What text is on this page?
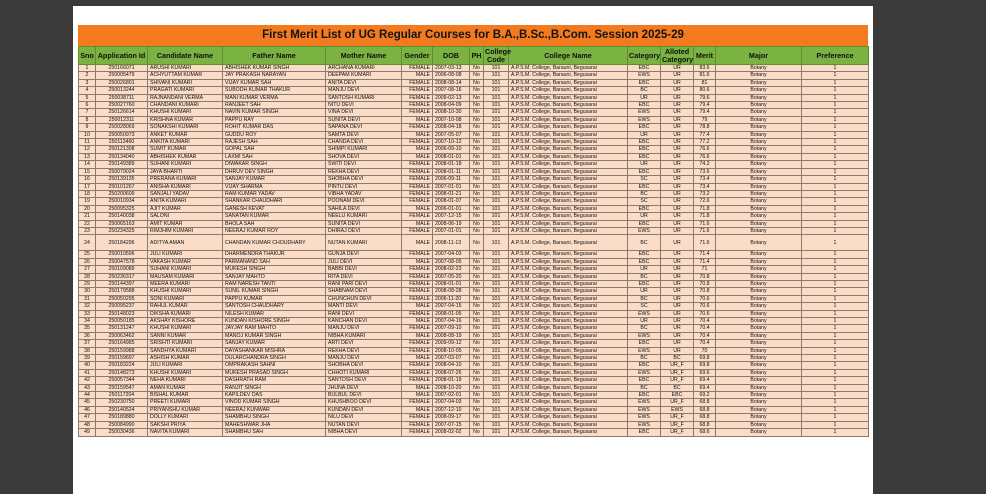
First Merit List of UG Regular Courses for B.A.,B.Sc.,B.Com. Session 2025-29
Sno	Application Id	Candidate Name	Father Name	Mother Name	Gender	DOB	PH	College Code	College Name	Category	Alloted Category	Merit	Major	Preference
1	250166071	ARUSHI KUMARI	ABHISHEK KUMAR SINGH	ARCHANA KUMARI	FEMALE	2007-03-13	No	101	A.P.S.M. College, Barauni, Begusarai	EBC	UR	83.6	Botany	1
2	250005479	ACHYUTTAM KUMAR	JAY PRAKASH NARAYAN	DEEPAM KUMARI	MALE	2006-08-08	No	101	A.P.S.M. College, Barauni, Begusarai	EWS	UR	81.6	Botany	1
3	250026801	SHIVANI KUMARI	VIJAY KUMAR SAH	ANITA DEVI	FEMALE	2008-08-14	No	101	A.P.S.M. College, Barauni, Begusarai	EBC	UR	81	Botany	1
4	250013244	PRAGATI KUMARI	SUBODH KUMAR THAKUR	MANJU DEVI	FEMALE	2007-08-16	No	101	A.P.S.M. College, Barauni, Begusarai	BC	UR	80.6	Botany	1
5	250038711	RAJNANDANI VERMA	MANI KUMAR VERMA	SANTOSH KUMARI	FEMALE	2009-02-13	No	101	A.P.S.M. College, Barauni, Begusarai	UR	UR	79.6	Botany	1
6	250027760	CHANDANI KUMARI	RANJEET SAH	NITU DEVI	FEMALE	2008-04-09	No	101	A.P.S.M. College, Barauni, Begusarai	EBC	UR	79.4	Botany	1
7	250126614	KHUSHI KUMARI	NAVIN KUMAR SINGH	VINA DEVI	FEMALE	2008-10-30	No	101	A.P.S.M. College, Barauni, Begusarai	EWS	UR	79.4	Botany	1
8	250012311	KRISHNA KUMAR	PAPPU RAY	SUNITA DEVI	MALE	2007-10-08	No	101	A.P.S.M. College, Barauni, Begusarai	EWS	UR	79	Botany	1
9	250028069	SONAKSHI KUMARI	ROHIT KUMAR DAS	SAPANA DEVI	FEMALE	2008-04-18	No	101	A.P.S.M. College, Barauni, Begusarai	EBC	UR	78.8	Botany	1
10	250050973	ANKET KUMAR	GUDDU ROY	SAMTA DEVI	MALE	2007-05-07	No	101	A.P.S.M. College, Barauni, Begusarai	UR	UR	77.4	Botany	1
11	250113460	ANKITA KUMARI	RAJESH SAH	CHANDA DEVI	FEMALE	2007-10-12	No	101	A.P.S.M. College, Barauni, Begusarai	EBC	UR	77.2	Botany	1
12	250121308	SUMIT KUMAR	GOPAL SAH	SHIMPI KUMARI	MALE	2006-09-10	No	101	A.P.S.M. College, Barauni, Begusarai	EBC	UR	76.6	Botany	1
13	250134040	ABHISHEK KUMAR	LAXMI SAH	SHOVA DEVI	MALE	2008-01-01	No	101	A.P.S.M. College, Barauni, Begusarai	EBC	UR	76.6	Botany	1
14	250149389	SUHANI KUMARI	DIWAKAR SINGH	SWITI DEVI	FEMALE	2008-01-18	No	101	A.P.S.M. College, Barauni, Begusarai	UR	UR	74.2	Botany	1
15	250079024	JAYA BHARTI	DHRUV DEV SINGH	REKHA DEVI	FEMALE	2008-01-11	No	101	A.P.S.M. College, Barauni, Begusarai	EBC	UR	73.6	Botany	1
16	250139135	PRERANA KUMARI	SANJAY KUMAR	SHOBHA DEVI	FEMALE	2006-09-11	No	101	A.P.S.M. College, Barauni, Begusarai	SC	UR	73.4	Botany	1
17	250101267	ANISHA KUMARI	VIJAY SHARMA	PINTU DEVI	FEMALE	2007-01-01	No	101	A.P.S.M. College, Barauni, Begusarai	EBC	UR	73.4	Botany	1
18	250200609	SANJALI YADAV	RAM KUMAR YADAV	VIBHA YADAV	FEMALE	2008-01-21	No	101	A.P.S.M. College, Barauni, Begusarai	BC	UR	73.2	Botany	1
19	250010934	ANITA KUMARI	SHANKAR CHAUDHARI	POONAM DEVI	FEMALE	2008-01-07	No	101	A.P.S.M. College, Barauni, Begusarai	SC	UR	72.6	Botany	1
20	250095325	AJIT KUMAR	GANESH KEVAT	SAHILA DEVI	MALE	2006-01-01	No	101	A.P.S.M. College, Barauni, Begusarai	EBC	UR	71.8	Botany	1
21	250140038	SALONI	SANATAN KUMAR	NEELU KUMARI	FEMALE	2007-12-15	No	101	A.P.S.M. College, Barauni, Begusarai	UR	UR	71.8	Botany	1
22	250065163	AMIT KUMAR	BHOLA SAH	SUNITA DEVI	MALE	2008-06-19	No	101	A.P.S.M. College, Barauni, Begusarai	EBC	UR	71.6	Botany	1
23	250234325	RIMJHIM KUMARI	NEERAJ KUMAR ROY	DHIRAJ DEVI	FEMALE	2007-01-01	No	101	A.P.S.M. College, Barauni, Begusarai	EWS	UR	71.6	Botany	1
24	250184296	ADITYA AMAN	CHANDAN KUMAR CHOUDHARY	NUTAN KUMARI	MALE	2008-11-13	No	101	A.P.S.M. College, Barauni, Begusarai	BC	UR	71.6	Botany	1
25	250010596	JULI KUMARI	DHARMENDRA THAKUR	GUNJA DEVI	FEMALE	2007-04-03	No	101	A.P.S.M. College, Barauni, Begusarai	EBC	UR	71.4	Botany	1
26	250047578	VAKASH KUMAR	PARMANAND SAH	JULI DEVI	MALE	2007-08-05	No	101	A.P.S.M. College, Barauni, Begusarai	EBC	UR	71.4	Botany	1
27	250109089	SUHANI KUMARI	MUKESH SINGH	BABBI DEVI	FEMALE	2008-02-23	No	101	A.P.S.M. College, Barauni, Begusarai	UR	UR	71	Botany	1
28	250236317	MAUSAM KUMARI	SANJAY MAHTO	RITA DEVI	FEMALE	2007-05-20	No	101	A.P.S.M. College, Barauni, Begusarai	BC	UR	70.8	Botany	1
29	250144397	MEERA KUMARI	RAM NARESH TANTI	RANI PARI DEVI	FEMALE	2008-01-01	No	101	A.P.S.M. College, Barauni, Begusarai	EBC	UR	70.8	Botany	1
30	250179588	KHUSHI KUMARI	SUNIL KUMAR SINGH	SHABNAM DEVI	FEMALE	2008-08-28	No	101	A.P.S.M. College, Barauni, Begusarai	UR	UR	70.8	Botany	1
31	250050295	SONI KUMARI	PAPPU KUMAR	CHUNCHUN DEVI	FEMALE	2006-11-20	No	101	A.P.S.M. College, Barauni, Begusarai	BC	UR	70.6	Botany	1
32	250095237	RAHUL KUMAR	SANTOSH CHAUDHARY	MANTI DEVI	MALE	2007-04-15	No	101	A.P.S.M. College, Barauni, Begusarai	SC	UR	70.6	Botany	1
33	250148023	DIKSHA KUMARI	NILESH KUMAR	RANI DEVI	FEMALE	2008-01-05	No	101	A.P.S.M. College, Barauni, Begusarai	EWS	UR	70.6	Botany	1
34	250050185	AKSHAY KISHORE	KUNDAN KISHORE SINGH	KANCHAN DEVI	MALE	2007-04-16	No	101	A.P.S.M. College, Barauni, Begusarai	UR	UR	70.4	Botany	1
35	250131247	KHUSHI KUMARI	JAYJAY RAM MAHTO	MANJU DEVI	FEMALE	2007-09-10	No	101	A.P.S.M. College, Barauni, Begusarai	BC	UR	70.4	Botany	1
36	250063462	SANNI KUMAR	MANOJ KUMAR SINGH	NIBHA KUMARI	MALE	2008-08-19	No	101	A.P.S.M. College, Barauni, Begusarai	EWS	UR	70.4	Botany	1
37	250164985	SRISHTI KUMARI	SANJAY KUMAR	ARTI DEVI	FEMALE	2009-09-12	No	101	A.P.S.M. College, Barauni, Begusarai	EBC	UR	70.4	Botany	1
38	250159988	SANDHYA KUMARI	DAYASHANKAR MISHRA	REKHA DEVI	FEMALE	2008-10-05	No	101	A.P.S.M. College, Barauni, Begusarai	EWS	UR	70	Botany	1
39	250159697	ASHISH KUMAR	DULARCHANDRA SINGH	MANJU DEVI	MALE	2007-03-07	No	101	A.P.S.M. College, Barauni, Begusarai	BC	BC	69.8	Botany	1
40	250183224	JULI KUMARI	OMPRAKASH SAHNI	SHOBHA DEVI	FEMALE	2008-04-10	No	101	A.P.S.M. College, Barauni, Begusarai	EBC	UR_F	69.8	Botany	1
41	250148273	KHUSHI KUMARI	MUKESH PRASAD SINGH	CHHOTI KUMARI	FEMALE	2008-07-26	No	101	A.P.S.M. College, Barauni, Begusarai	EWS	UR_F	69.6	Botany	1
42	250057344	NEHA KUMARI	DASHRATH RAM	SANTOSH DEVI	FEMALE	2008-01-19	No	101	A.P.S.M. College, Barauni, Begusarai	EBC	UR_F	69.4	Botany	1
43	250159547	AMAN KUMAR	RANJIT SINGH	JHUNA DEVI	MALE	2008-10-20	No	101	A.P.S.M. College, Barauni, Begusarai	BC	BC	69.4	Botany	1
44	250117204	BISHAL KUMAR	KAPILDEV DAS	BULBUL DEVI	MALE	2007-02-01	No	101	A.P.S.M. College, Barauni, Begusarai	EBC	EBC	69.2	Botany	1
45	250230750	PREETI KUMARI	VINOD KUMAR SINGH	KHUSHBOO DEVI	FEMALE	2007-04-03	No	101	A.P.S.M. College, Barauni, Begusarai	EWS	UR_F	68.8	Botany	1
46	250140524	PRIYANSHU KUMAR	NEERAJ KUNWAR	KUNDAN DEVI	MALE	2007-12-10	No	101	A.P.S.M. College, Barauni, Begusarai	EWS	EWS	68.8	Botany	1
47	250189880	DOLLY KUMARI	SHAMBHU SINGH	NILU DEVI	FEMALE	2008-09-17	No	101	A.P.S.M. College, Barauni, Begusarai	EWS	UR_F	68.8	Botany	1
48	250084990	SAKSHI PRIYA	MAHESHWAR JHA	NUTAN DEVI	FEMALE	2007-07-15	No	101	A.P.S.M. College, Barauni, Begusarai	EWS	UR_F	68.8	Botany	1
49	250030436	NAVITA KUMARI	SHAMBHU SAH	NIBHA DEVI	FEMALE	2008-02-02	No	101	A.P.S.M. College, Barauni, Begusarai	EBC	UR_F	68.6	Botany	1
